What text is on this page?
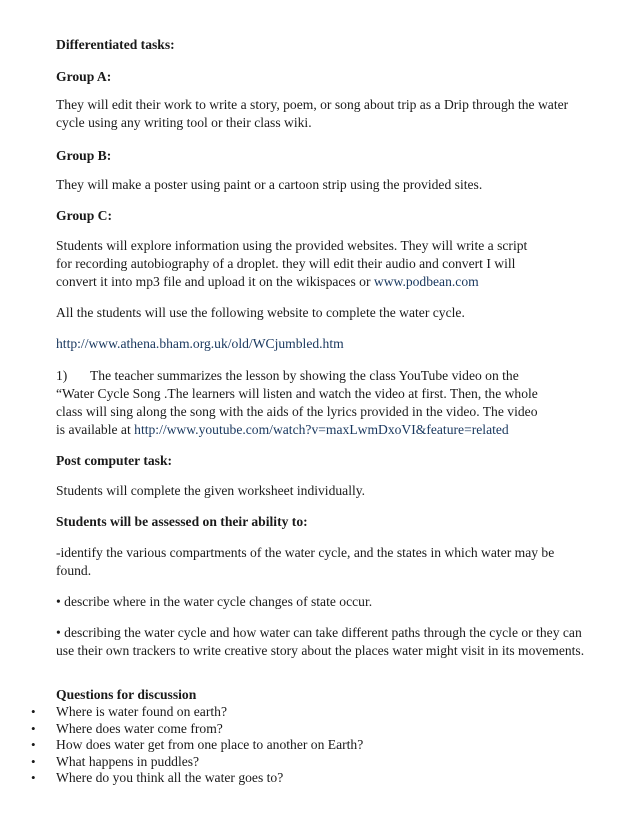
Differentiated tasks:

Group A:

They will edit their work to write a story, poem, or song about trip as a Drip through the water cycle using any writing tool or their class wiki.

Group B:

They will make a poster using paint or a cartoon strip using the provided sites.

Group C:

Students will explore information using the provided websites. They will write a script
for recording autobiography of a droplet. they will edit their audio and convert I will
convert it into mp3 file and upload it on the wikispaces or www.podbean.com

All the students will use the following website to complete the water cycle.

http://www.athena.bham.org.uk/old/WCjumbled.htm

1) The teacher summarizes the lesson by showing the class YouTube video on the
“Water Cycle Song .The learners will listen and watch the video at first. Then, the whole
class will sing along the song with the aids of the lyrics provided in the video. The video
is available at http://www.youtube.com/watch?v=maxLwmDxoVI&feature=related

Post computer task:

Students will complete the given worksheet individually.

Students will be assessed on their ability to:

-identify the various compartments of the water cycle, and the states in which water may be found.

• describe where in the water cycle changes of state occur.

• describing the water cycle and how water can take different paths through the cycle or they can use their own trackers to write creative story about the places water might visit in its movements.

Questions for discussion

• Where is water found on earth?
• Where does water come from?
• How does water get from one place to another on Earth?
• What happens in puddles?
• Where do you think all the water goes to?
